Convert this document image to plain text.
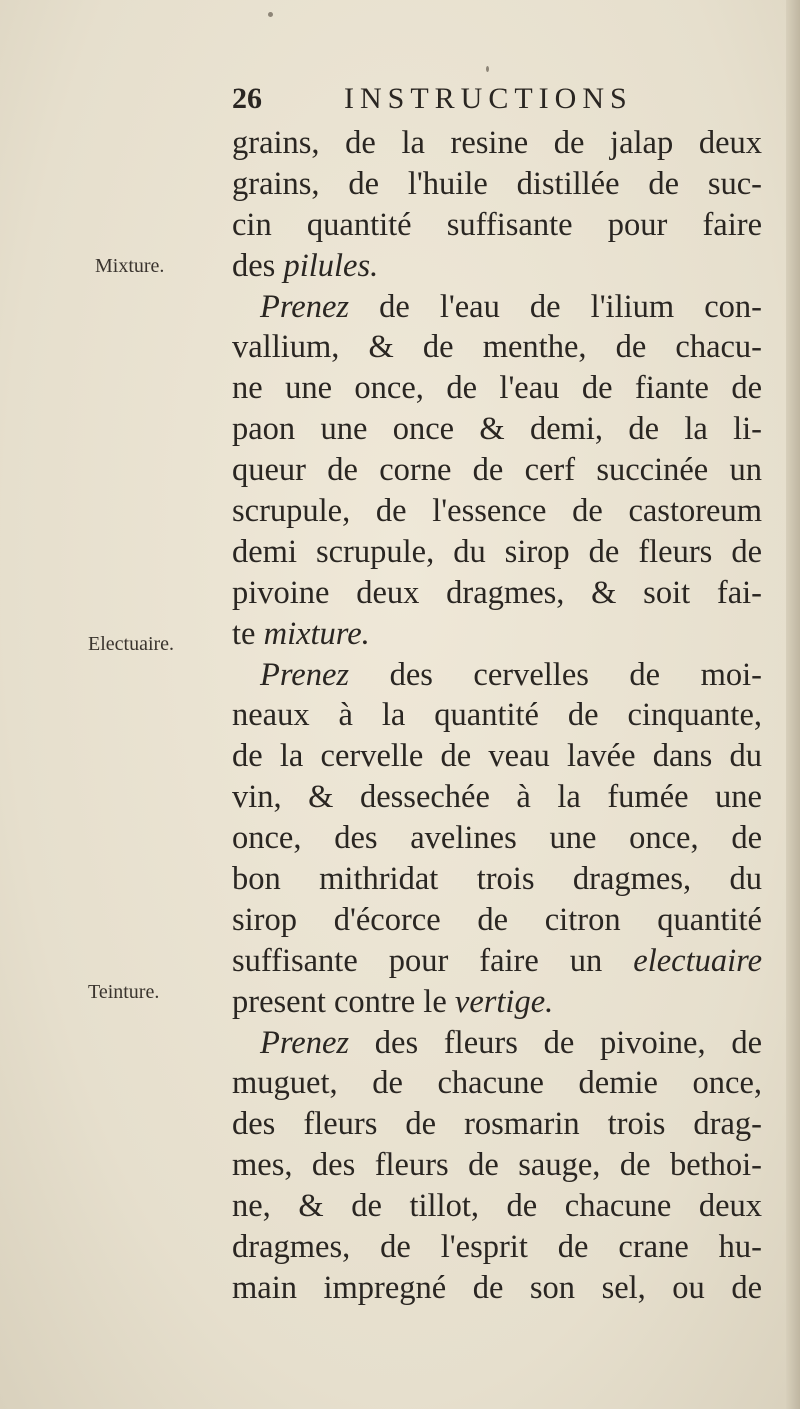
26	INSTRUCTIONS
Mixture.
Electuaire.
Teinture.
grains, de la resine de jalap deux
grains, de l'huile distillée de suc-
cin quantité suffisante pour faire
des pilules.
Prenez de l'eau de l'ilium con-
vallium, & de menthe, de chacu-
ne une once, de l'eau de fiante de
paon une once & demi, de la li-
queur de corne de cerf succinée un
scrupule, de l'essence de castoreum
demi scrupule, du sirop de fleurs de
pivoine deux dragmes, & soit fai-
te mixture.
Prenez des cervelles de moi-
neaux à la quantité de cinquante,
de la cervelle de veau lavée dans du
vin, & dessechée à la fumée une
once, des avelines une once, de
bon mithridat trois dragmes, du
sirop d'écorce de citron quantité
suffisante pour faire un electuaire
present contre le vertige.
Prenez des fleurs de pivoine, de
muguet, de chacune demie once,
des fleurs de rosmarin trois drag-
mes, des fleurs de sauge, de bethoi-
ne, & de tillot, de chacune deux
dragmes, de l'esprit de crane hu-
main impregné de son sel, ou de
